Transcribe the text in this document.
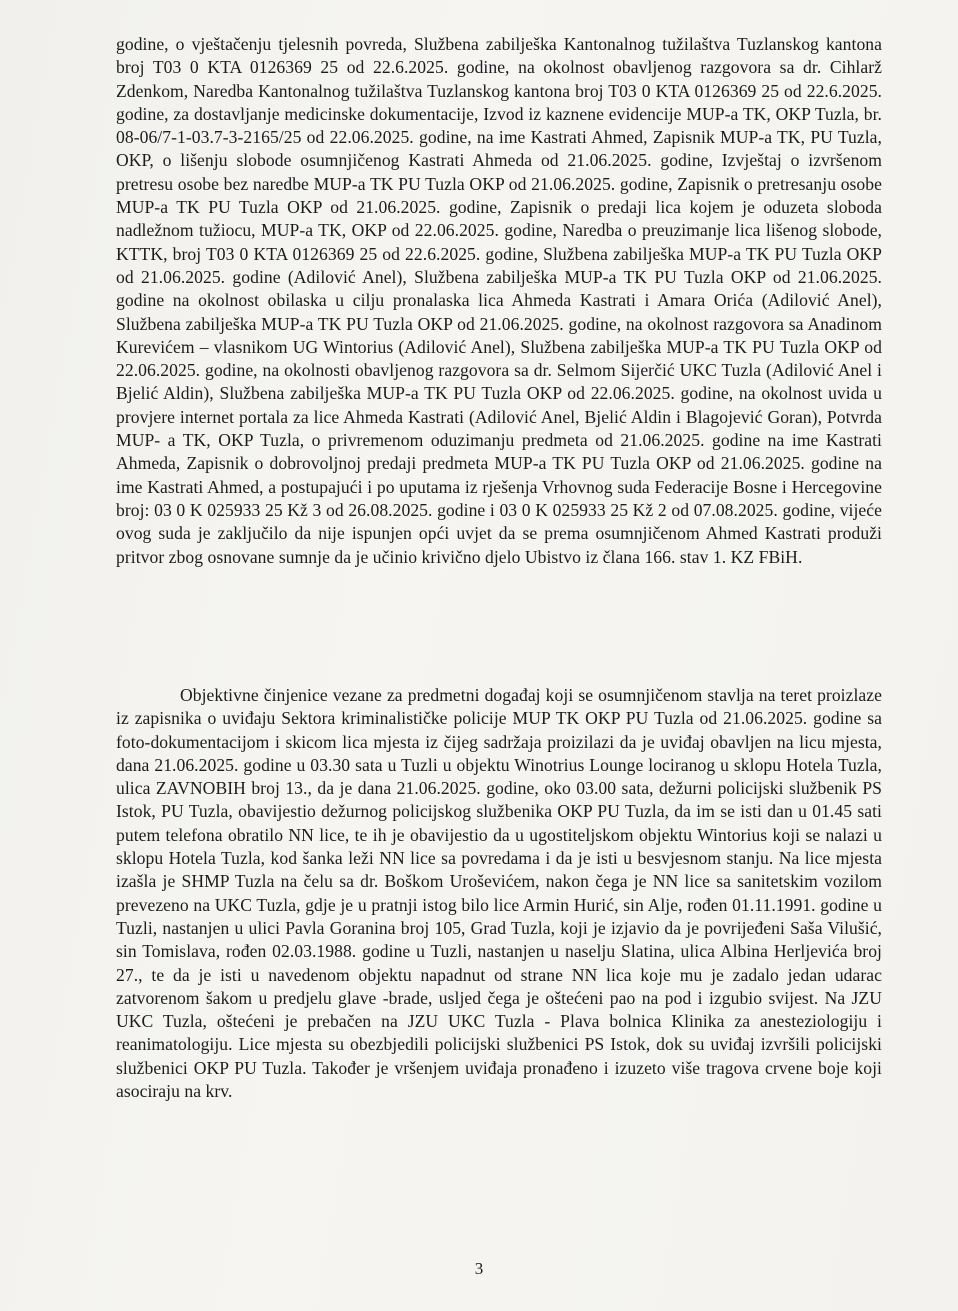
godine, o vještačenju tjelesnih povreda, Službena zabilješka Kantonalnog tužilaštva Tuzlanskog kantona broj T03 0 KTA 0126369 25 od 22.6.2025. godine, na okolnost obavljenog razgovora sa dr. Cihlarž Zdenkom, Naredba Kantonalnog tužilaštva Tuzlanskog kantona broj T03 0 KTA 0126369 25 od 22.6.2025. godine, za dostavljanje medicinske dokumentacije, Izvod iz kaznene evidencije MUP-a TK, OKP Tuzla, br. 08-06/7-1-03.7-3-2165/25 od 22.06.2025. godine, na ime Kastrati Ahmed, Zapisnik MUP-a TK, PU Tuzla, OKP, o lišenju slobode osumnjičenog Kastrati Ahmeda od 21.06.2025. godine, Izvještaj o izvršenom pretresu osobe bez naredbe MUP-a TK PU Tuzla OKP od 21.06.2025. godine, Zapisnik o pretresanju osobe MUP-a TK PU Tuzla OKP od 21.06.2025. godine, Zapisnik o predaji lica kojem je oduzeta sloboda nadležnom tužiocu, MUP-a TK, OKP od 22.06.2025. godine, Naredba o preuzimanje lica lišenog slobode, KTTK, broj T03 0 KTA 0126369 25 od 22.6.2025. godine, Službena zabilješka MUP-a TK PU Tuzla OKP od 21.06.2025. godine (Adilović Anel), Službena zabilješka MUP-a TK PU Tuzla OKP od 21.06.2025. godine na okolnost obilaska u cilju pronalaska lica Ahmeda Kastrati i Amara Orića (Adilović Anel), Službena zabilješka MUP-a TK PU Tuzla OKP od 21.06.2025. godine, na okolnost razgovora sa Anadinom Kurevićem – vlasnikom UG Wintorius (Adilović Anel), Službena zabilješka MUP-a TK PU Tuzla OKP od 22.06.2025. godine, na okolnosti obavljenog razgovora sa dr. Selmom Sijerčić UKC Tuzla (Adilović Anel i Bjelić Aldin), Službena zabilješka MUP-a TK PU Tuzla OKP od 22.06.2025. godine, na okolnost uvida u provjere internet portala za lice Ahmeda Kastrati (Adilović Anel, Bjelić Aldin i Blagojević Goran), Potvrda MUP- a TK, OKP Tuzla, o privremenom oduzimanju predmeta od 21.06.2025. godine na ime Kastrati Ahmeda, Zapisnik o dobrovoljnoj predaji predmeta MUP-a TK PU Tuzla OKP od 21.06.2025. godine na ime Kastrati Ahmed, a postupajući i po uputama iz rješenja Vrhovnog suda Federacije Bosne i Hercegovine broj: 03 0 K 025933 25 Kž 3 od 26.08.2025. godine i 03 0 K 025933 25 Kž 2 od 07.08.2025. godine, vijeće ovog suda je zaključilo da nije ispunjen opći uvjet da se prema osumnjičenom Ahmed Kastrati produži pritvor zbog osnovane sumnje da je učinio krivično djelo Ubistvo iz člana 166. stav 1. KZ FBiH.

Objektivne činjenice vezane za predmetni događaj koji se osumnjičenom stavlja na teret proizlaze iz zapisnika o uviđaju Sektora kriminalističke policije MUP TK OKP PU Tuzla od 21.06.2025. godine sa foto-dokumentacijom i skicom lica mjesta iz čijeg sadržaja proizilazi da je uviđaj obavljen na licu mjesta, dana 21.06.2025. godine u 03.30 sata u Tuzli u objektu Winotrius Lounge lociranog u sklopu Hotela Tuzla, ulica ZAVNOBIH broj 13., da je dana 21.06.2025. godine, oko 03.00 sata, dežurni policijski službenik PS Istok, PU Tuzla, obavijestio dežurnog policijskog službenika OKP PU Tuzla, da im se isti dan u 01.45 sati putem telefona obratilo NN lice, te ih je obavijestio da u ugostiteljskom objektu Wintorius koji se nalazi u sklopu Hotela Tuzla, kod šanka leži NN lice sa povredama i da je isti u besvjesnom stanju. Na lice mjesta izašla je SHMP Tuzla na čelu sa dr. Boškom Uroševićem, nakon čega je NN lice sa sanitetskim vozilom prevezeno na UKC Tuzla, gdje je u pratnji istog bilo lice Armin Hurić, sin Alje, rođen 01.11.1991. godine u Tuzli, nastanjen u ulici Pavla Goranina broj 105, Grad Tuzla, koji je izjavio da je povrijeđeni Saša Vilušić, sin Tomislava, rođen 02.03.1988. godine u Tuzli, nastanjen u naselju Slatina, ulica Albina Herljevića broj 27., te da je isti u navedenom objektu napadnut od strane NN lica koje mu je zadalo jedan udarac zatvorenom šakom u predjelu glave -brade, usljed čega je oštećeni pao na pod i izgubio svijest. Na JZU UKC Tuzla, oštećeni je prebačen na JZU UKC Tuzla - Plava bolnica Klinika za anesteziologiju i reanimatologiju. Lice mjesta su obezbjedili policijski službenici PS Istok, dok su uviđaj izvršili policijski službenici OKP PU Tuzla. Također je vršenjem uviđaja pronađeno i izuzeto više tragova crvene boje koji asociraju na krv.

3
